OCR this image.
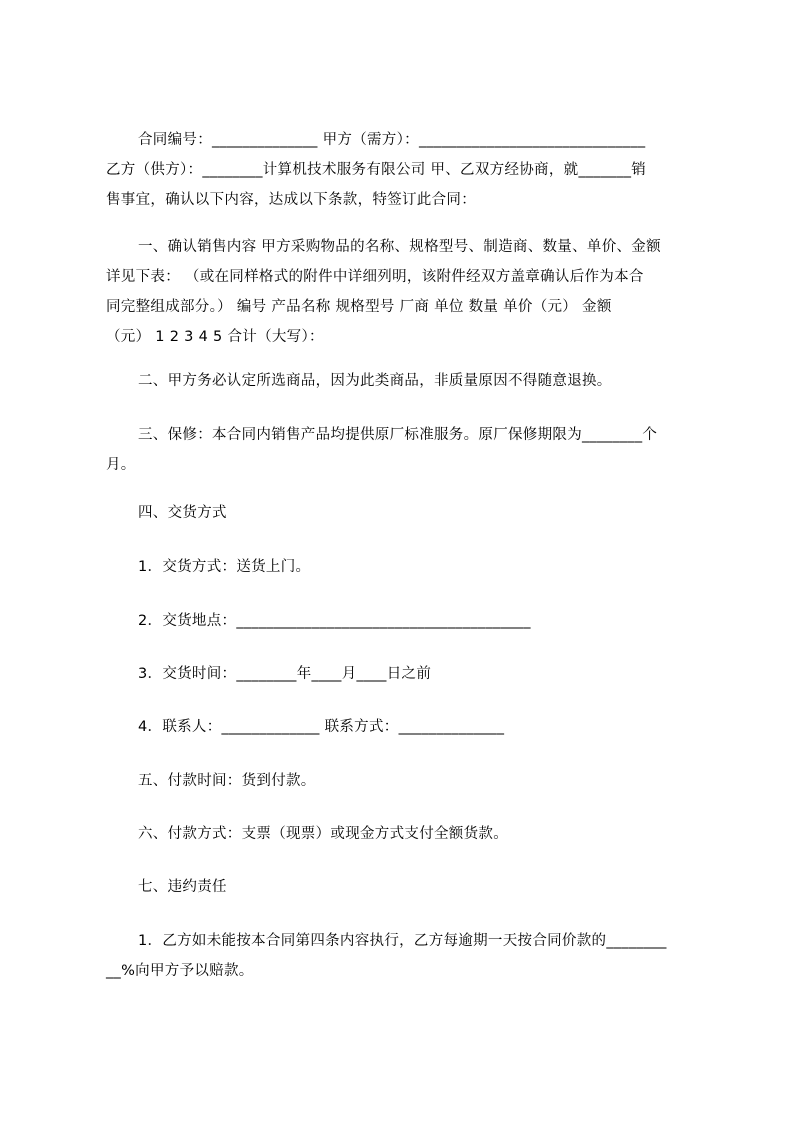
合同编号：______________ 甲方（需方）：______________________________
乙方（供方）：________计算机技术服务有限公司 甲、乙双方经协商，就_______销
售事宜，确认以下内容，达成以下条款，特签订此合同：
一、确认销售内容 甲方采购物品的名称、规格型号、制造商、数量、单价、金额
详见下表： （或在同样格式的附件中详细列明，该附件经双方盖章确认后作为本合
同完整组成部分。） 编号 产品名称 规格型号 厂商 单位 数量 单价（元） 金额
（元） 1 2 3 4 5 合计（大写）：
二、甲方务必认定所选商品，因为此类商品，非质量原因不得随意退换。
三、保修：本合同内销售产品均提供原厂标准服务。原厂保修期限为________个
月。
四、交货方式
1．交货方式：送货上门。
2．交货地点：_______________________________________
3．交货时间：________年____月____日之前
4．联系人：_____________ 联系方式：______________
五、付款时间：货到付款。
六、付款方式：支票（现票）或现金方式支付全额货款。
七、违约责任
1．乙方如未能按本合同第四条内容执行，乙方每逾期一天按合同价款的________
__%向甲方予以赔款。
